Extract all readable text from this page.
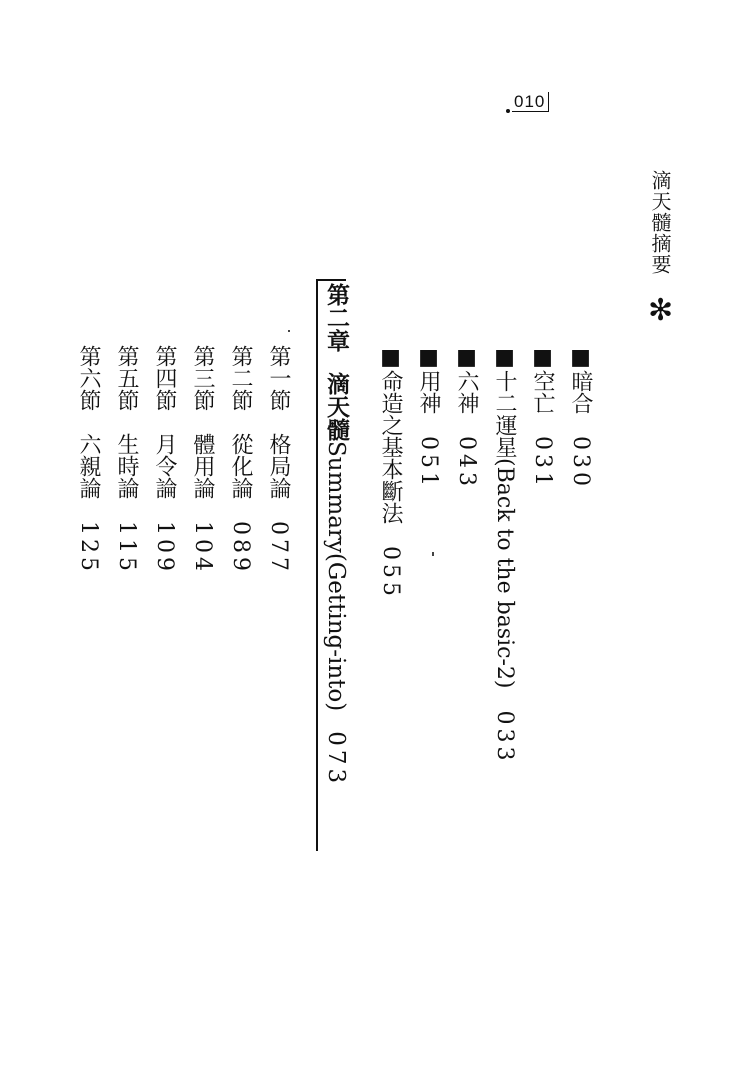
010
滴天髓摘要
✻
■暗合030
■空亡031
■十二運星(Back to the basic-2)033
■六神043
■用神051
■命造之基本斷法055
第二章滴天髓Summary(Getting-into)073
第一節格局論077
第二節從化論089
第三節體用論104
第四節月令論109
第五節生時論115
第六節六親論125
